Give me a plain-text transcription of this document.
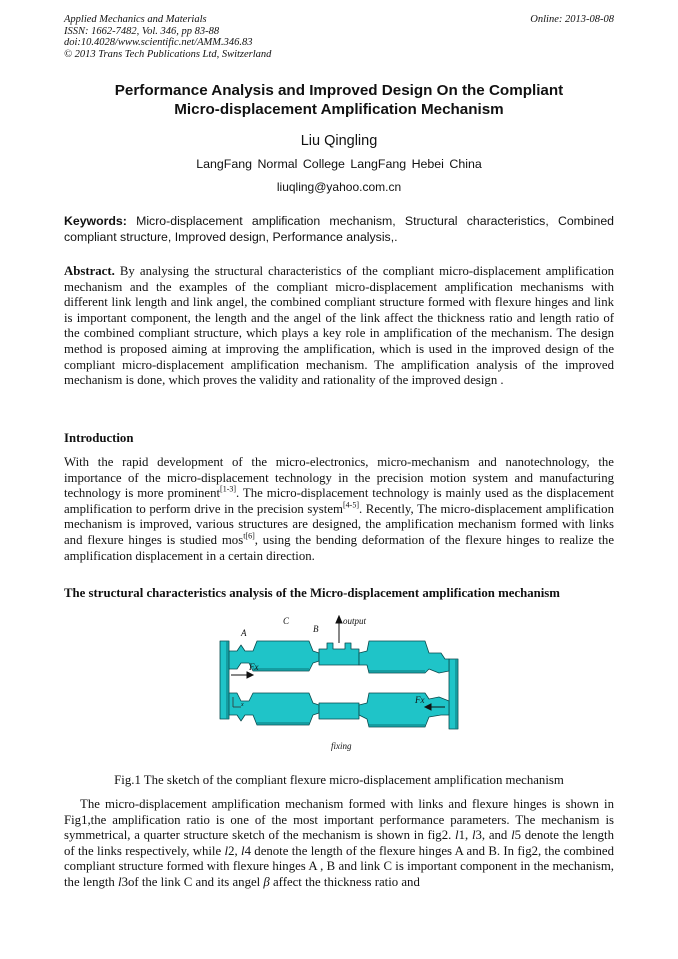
Applied Mechanics and Materials
ISSN: 1662-7482, Vol. 346, pp 83-88
doi:10.4028/www.scientific.net/AMM.346.83
© 2013 Trans Tech Publications Ltd, Switzerland
Online: 2013-08-08
Performance Analysis and Improved Design On the Compliant
Micro-displacement Amplification Mechanism
Liu Qingling
LangFang Normal College LangFang Hebei China
liuqling@yahoo.com.cn
Keywords: Micro-displacement amplification mechanism, Structural characteristics, Combined compliant structure, Improved design, Performance analysis,.
Abstract. By analysing the structural characteristics of the compliant micro-displacement amplification mechanism and the examples of the compliant micro-displacement amplification mechanisms with different link length and link angel, the combined compliant structure formed with flexure hinges and link is important component, the length and the angel of the link affect the thickness ratio and length ratio of the combined compliant structure, which plays a key role in amplification of the mechanism. The design method is proposed aiming at improving the amplification, which is used in the improved design of the compliant micro-displacement amplification mechanism. The amplification analysis of the improved mechanism is done, which proves the validity and rationality of the improved design .
Introduction
With the rapid development of the micro-electronics, micro-mechanism and nanotechnology, the importance of the micro-displacement technology in the precision motion system and manufacturing technology is more prominent[1-3]. The micro-displacement technology is mainly used as the displacement amplification to perform drive in the precision system[4-5]. Recently, The micro-displacement amplification mechanism is improved, various structures are designed, the amplification mechanism formed with links and flexure hinges is studied mos$^{t[6]}$, using the bending deformation of the flexure hinges to realize the amplification displacement in a certain direction.
The structural characteristics analysis of the Micro-displacement amplification mechanism
A
C
B
output
Fx
Fx
fixing
x
Fig.1 The sketch of the compliant flexure micro-displacement amplification mechanism
The micro-displacement amplification mechanism formed with links and flexure hinges is shown in Fig1,the amplification ratio is one of the most important performance parameters. The mechanism is symmetrical, a quarter structure sketch of the mechanism is shown in fig2. l1, l3, and l5 denote the length of the links respectively, while l2, l4 denote the length of the flexure hinges A and B. In fig2, the combined compliant structure formed with flexure hinges A , B and link C is important component in the mechanism, the length l3of the link C and its angel β affect the thickness ratio and
